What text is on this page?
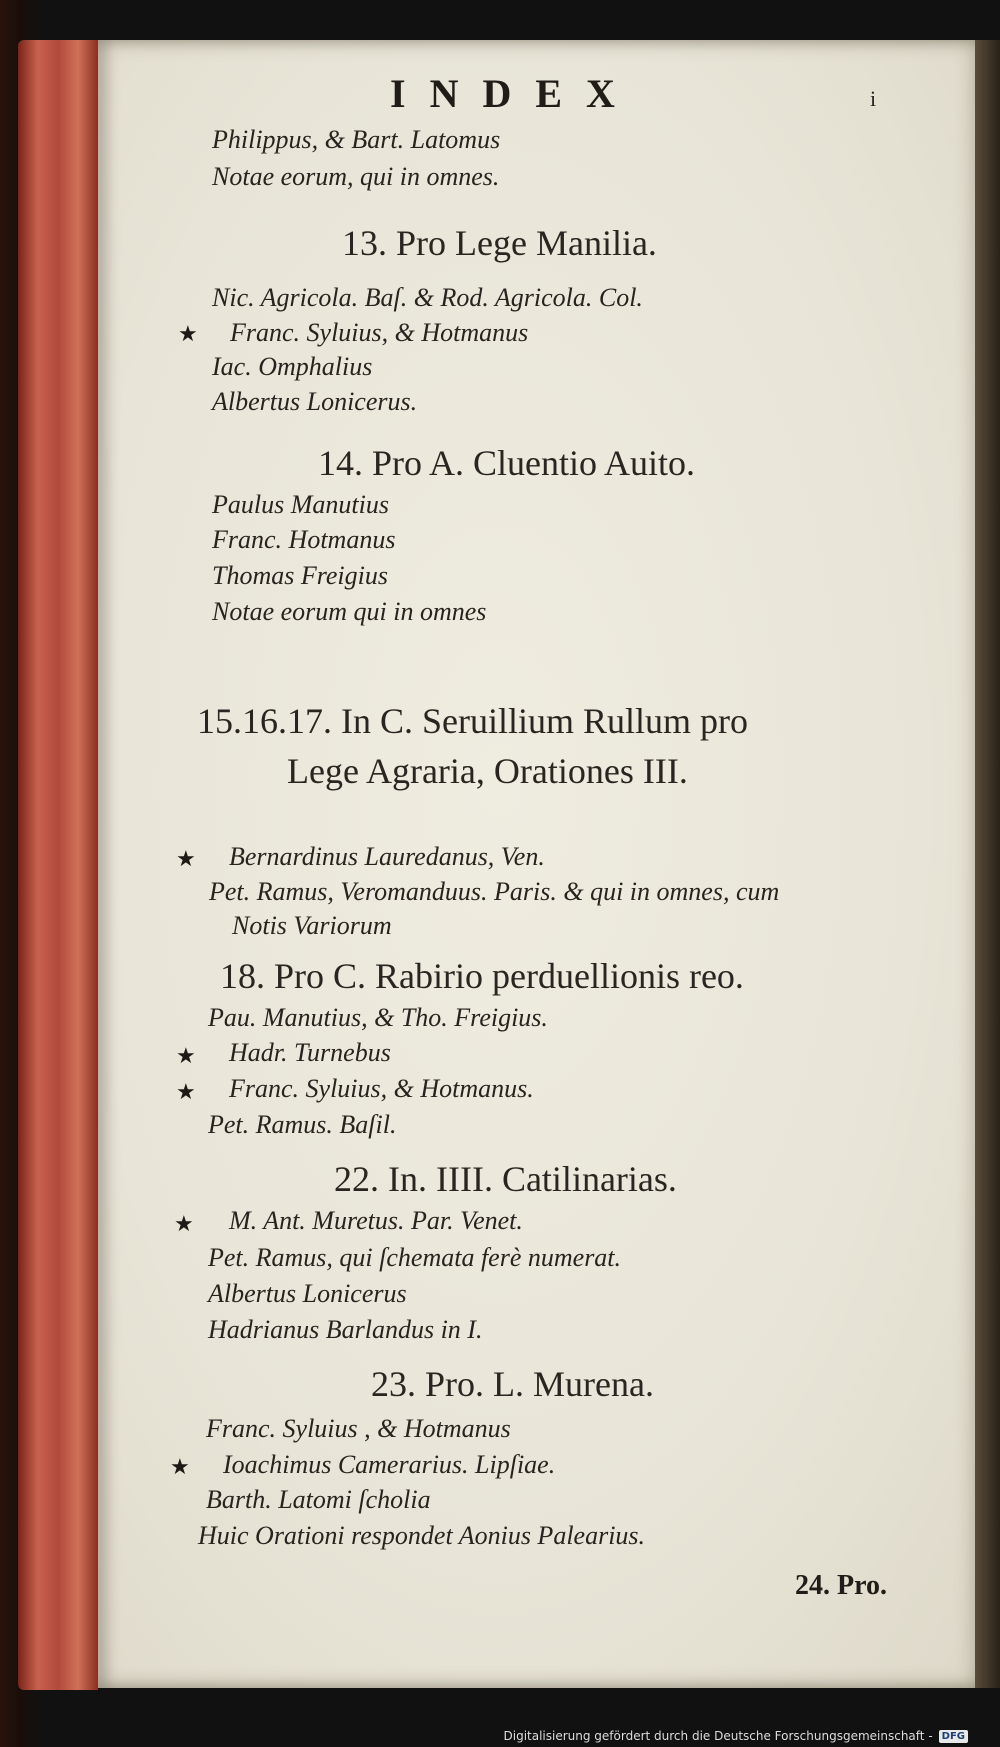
INDEX	i
Philippus, & Bart. Latomus
Notae eorum, qui in omnes.
13. Pro Lege Manilia.
Nic. Agricola. Baſ. & Rod. Agricola. Col.
★ Franc. Syluius, & Hotmanus
Iac. Omphalius
Albertus Lonicerus.
14. Pro A. Cluentio Auito.
Paulus Manutius
Franc. Hotmanus
Thomas Freigius
Notae eorum qui in omnes
15.16.17. In C. Seruillium Rullum pro
Lege Agraria, Orationes III.
★ Bernardinus Lauredanus, Ven.
Pet. Ramus, Veromanduus. Paris. & qui in omnes, cum
Notis Variorum
18. Pro C. Rabirio perduellionis reo.
Pau. Manutius, & Tho. Freigius.
★ Hadr. Turnebus
★ Franc. Syluius, & Hotmanus.
Pet. Ramus. Baſil.
22. In. IIII. Catilinarias.
★ M. Ant. Muretus. Par. Venet.
Pet. Ramus, qui ſchemata ferè numerat.
Albertus Lonicerus
Hadrianus Barlandus in I.
23. Pro. L. Murena.
Franc. Syluius , & Hotmanus
★ Ioachimus Camerarius. Lipſiae.
Barth. Latomi ſcholia
Huic Orationi respondet Aonius Palearius.
24. Pro.
Digitalisierung gefördert durch die Deutsche Forschungsgemeinschaft - DFG
